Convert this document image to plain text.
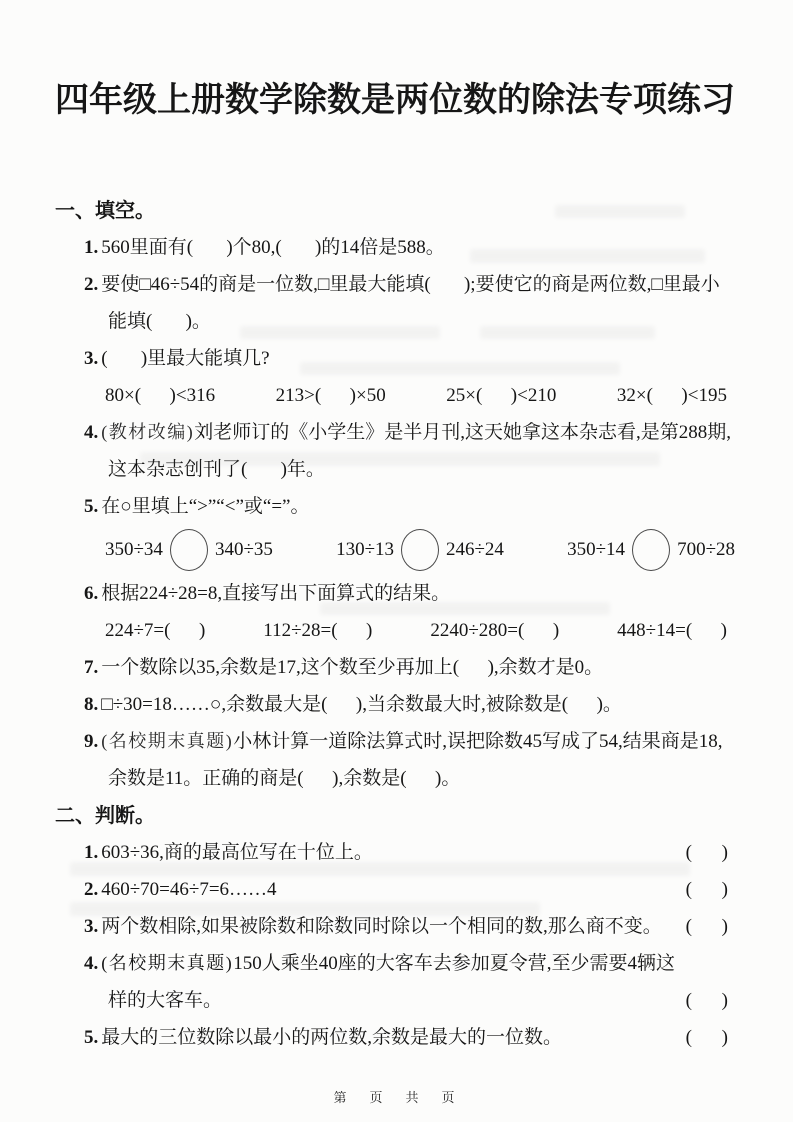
四年级上册数学除数是两位数的除法专项练习
一、填空。
1. 560里面有(       )个80,(       )的14倍是588。
2. 要使□46÷54的商是一位数,□里最大能填(       );要使它的商是两位数,□里最小能填(       )。
3. (       )里最大能填几?
80×(      )<316	213>(      )×50	25×(      )<210	32×(      )<195
4. (教材改编)刘老师订的《小学生》是半月刊,这天她拿这本杂志看,是第288期,这本杂志创刊了(       )年。
5. 在○里填上“>”“<”或“=”。
350÷34	340÷35	130÷13	246÷24	350÷14	700÷28
6. 根据224÷28=8,直接写出下面算式的结果。
224÷7=(      )	112÷28=(      )	2240÷280=(      )	448÷14=(      )
7. 一个数除以35,余数是17,这个数至少再加上(      ),余数才是0。
8. □÷30=18……○,余数最大是(      ),当余数最大时,被除数是(      )。
9. (名校期末真题)小林计算一道除法算式时,误把除数45写成了54,结果商是18,余数是11。正确的商是(      ),余数是(      )。
二、判断。
1. 603÷36,商的最高位写在十位上。	(     )
2. 460÷70=46÷7=6……4	(     )
3. 两个数相除,如果被除数和除数同时除以一个相同的数,那么商不变。 (     )
4. (名校期末真题)150人乘坐40座的大客车去参加夏令营,至少需要4辆这样的大客车。	(     )
5. 最大的三位数除以最小的两位数,余数是最大的一位数。	(     )
第　页　共　页
